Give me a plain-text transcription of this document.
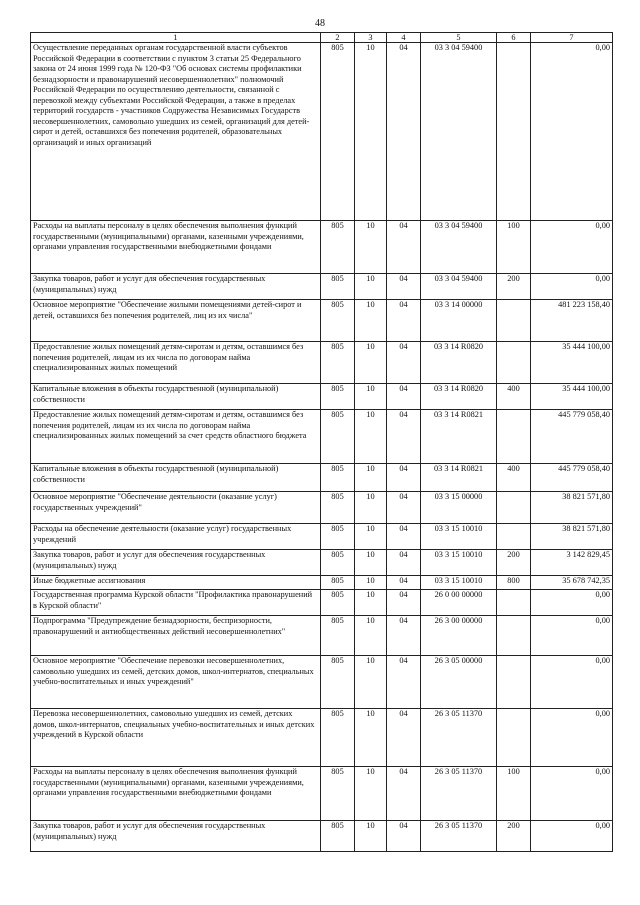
48
1	2	3	4	5	6	7
Осуществление переданных органам государственной власти субъектов Российской Федерации в соответствии с пунктом 3 статьи 25 Федерального закона от 24 июня 1999 года № 120-ФЗ "Об основах системы профилактики безнадзорности и правонарушений несовершеннолетних" полномочий Российской Федерации по осуществлению деятельности, связанной с перевозкой между субъектами Российской Федерации, а также в пределах территорий государств - участников Содружества Независимых Государств несовершеннолетних, самовольно ушедших из семей, организаций для детей-сирот и детей, оставшихся без попечения родителей, образовательных организаций и иных организаций	805	10	04	03 3 04 59400		0,00
Расходы на выплаты персоналу в целях обеспечения выполнения функций государственными (муниципальными) органами, казенными учреждениями, органами управления государственными внебюджетными фондами	805	10	04	03 3 04 59400	100	0,00
Закупка товаров, работ и услуг для обеспечения государственных (муниципальных) нужд	805	10	04	03 3 04 59400	200	0,00
Основное мероприятие "Обеспечение жилыми помещениями детей-сирот и детей, оставшихся без попечения родителей, лиц из их числа"	805	10	04	03 3 14 00000		481 223 158,40
Предоставление жилых помещений детям-сиротам и детям, оставшимся без попечения родителей, лицам из их числа по договорам найма специализированных жилых помещений	805	10	04	03 3 14 R0820		35 444 100,00
Капитальные вложения в объекты государственной (муниципальной) собственности	805	10	04	03 3 14 R0820	400	35 444 100,00
Предоставление жилых помещений детям-сиротам и детям, оставшимся без попечения родителей, лицам из их числа по договорам найма специализированных жилых помещений за счет средств областного бюджета	805	10	04	03 3 14 R0821		445 779 058,40
Капитальные вложения в объекты государственной (муниципальной) собственности	805	10	04	03 3 14 R0821	400	445 779 058,40
Основное мероприятие "Обеспечение деятельности (оказание услуг) государственных учреждений"	805	10	04	03 3 15 00000		38 821 571,80
Расходы на обеспечение деятельности (оказание услуг) государственных учреждений	805	10	04	03 3 15 10010		38 821 571,80
Закупка товаров, работ и услуг для обеспечения государственных (муниципальных) нужд	805	10	04	03 3 15 10010	200	3 142 829,45
Иные бюджетные ассигнования	805	10	04	03 3 15 10010	800	35 678 742,35
Государственная программа Курской области "Профилактика правонарушений в Курской области"	805	10	04	26 0 00 00000		0,00
Подпрограмма "Предупреждение безнадзорности, беспризорности, правонарушений и антиобщественных действий несовершеннолетних"	805	10	04	26 3 00 00000		0,00
Основное мероприятие "Обеспечение перевозки несовершеннолетних, самовольно ушедших из семей, детских домов, школ-интернатов, специальных учебно-воспитательных и иных учреждений"	805	10	04	26 3 05 00000		0,00
Перевозка несовершеннолетних, самовольно ушедших из семей, детских домов, школ-интернатов, специальных учебно-воспитательных и иных детских учреждений в Курской области	805	10	04	26 3 05 11370		0,00
Расходы на выплаты персоналу в целях обеспечения выполнения функций государственными (муниципальными) органами, казенными учреждениями, органами управления государственными внебюджетными фондами	805	10	04	26 3 05 11370	100	0,00
Закупка товаров, работ и услуг для обеспечения государственных (муниципальных) нужд	805	10	04	26 3 05 11370	200	0,00
